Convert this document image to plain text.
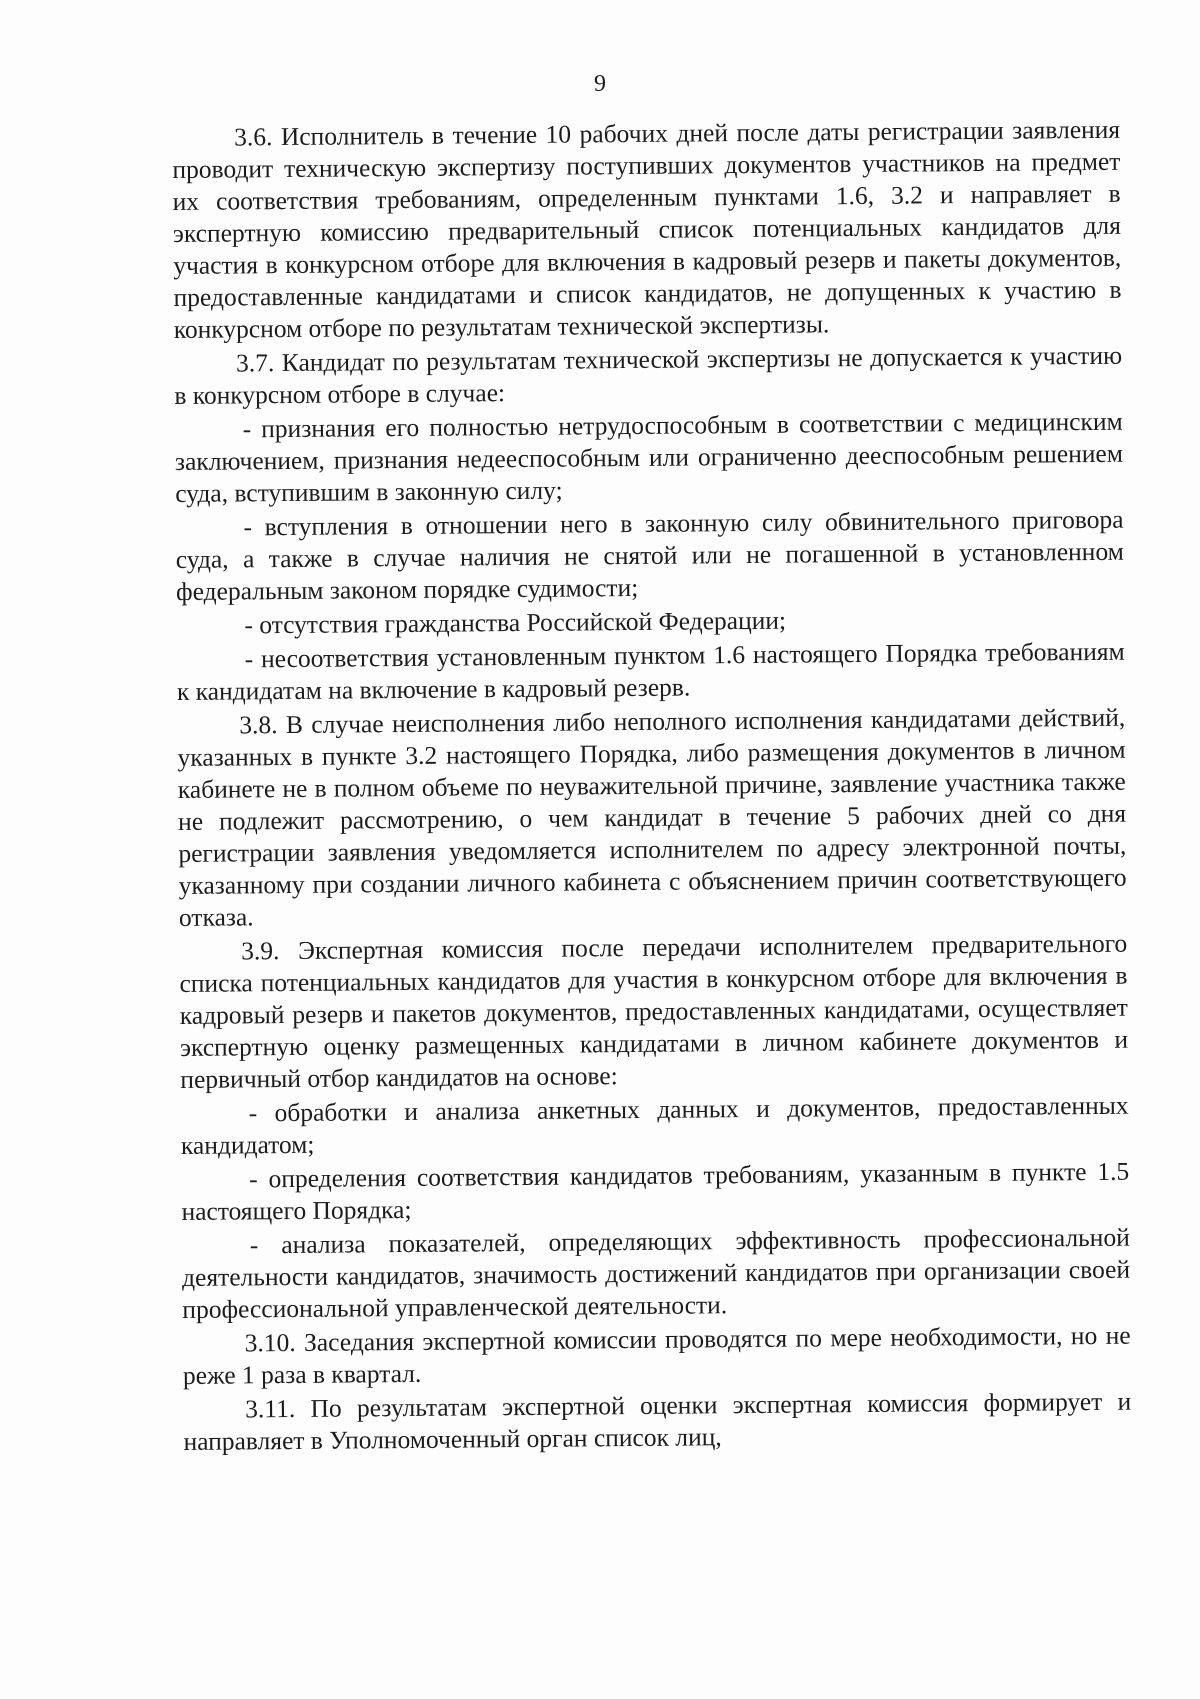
9

3.6. Исполнитель в течение 10 рабочих дней после даты регистрации заявления проводит техническую экспертизу поступивших документов участников на предмет их соответствия требованиям, определенным пунктами 1.6, 3.2 и направляет в экспертную комиссию предварительный список потенциальных кандидатов для участия в конкурсном отборе для включения в кадровый резерв и пакеты документов, предоставленные кандидатами и список кандидатов, не допущенных к участию в конкурсном отборе по результатам технической экспертизы.

3.7. Кандидат по результатам технической экспертизы не допускается к участию в конкурсном отборе в случае:

- признания его полностью нетрудоспособным в соответствии с медицинским заключением, признания недееспособным или ограниченно дееспособным решением суда, вступившим в законную силу;

- вступления в отношении него в законную силу обвинительного приговора суда, а также в случае наличия не снятой или не погашенной в установленном федеральным законом порядке судимости;

- отсутствия гражданства Российской Федерации;

- несоответствия установленным пунктом 1.6 настоящего Порядка требованиям к кандидатам на включение в кадровый резерв.

3.8. В случае неисполнения либо неполного исполнения кандидатами действий, указанных в пункте 3.2 настоящего Порядка, либо размещения документов в личном кабинете не в полном объеме по неуважительной причине, заявление участника также не подлежит рассмотрению, о чем кандидат в течение 5 рабочих дней со дня регистрации заявления уведомляется исполнителем по адресу электронной почты, указанному при создании личного кабинета с объяснением причин соответствующего отказа.

3.9. Экспертная комиссия после передачи исполнителем предварительного списка потенциальных кандидатов для участия в конкурсном отборе для включения в кадровый резерв и пакетов документов, предоставленных кандидатами, осуществляет экспертную оценку размещенных кандидатами в личном кабинете документов и первичный отбор кандидатов на основе:

- обработки и анализа анкетных данных и документов, предоставленных кандидатом;

- определения соответствия кандидатов требованиям, указанным в пункте 1.5 настоящего Порядка;

- анализа показателей, определяющих эффективность профессиональной деятельности кандидатов, значимость достижений кандидатов при организации своей профессиональной управленческой деятельности.

3.10. Заседания экспертной комиссии проводятся по мере необходимости, но не реже 1 раза в квартал.

3.11. По результатам экспертной оценки экспертная комиссия формирует и направляет в Уполномоченный орган список лиц,
